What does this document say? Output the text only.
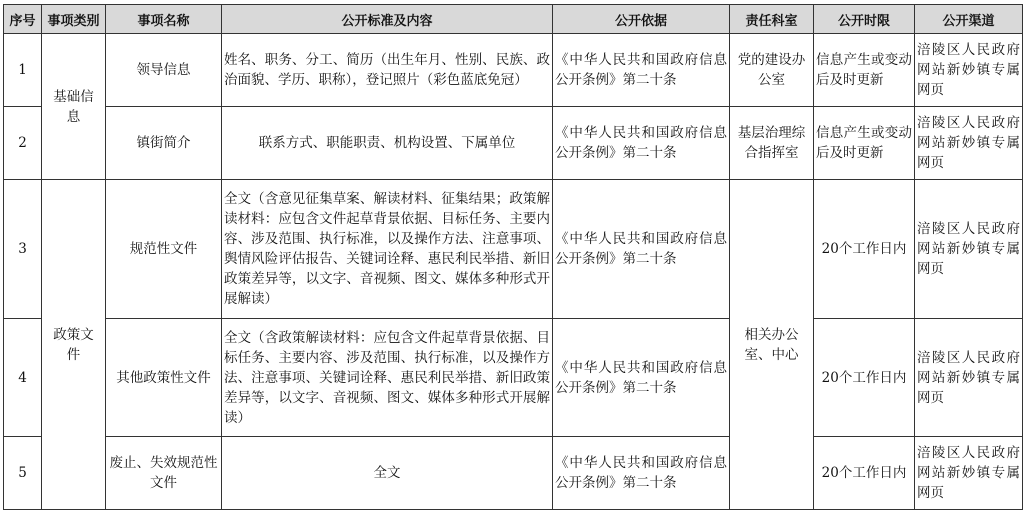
序号	事项类别	事项名称	公开标准及内容	公开依据	责任科室	公开时限	公开渠道
1	基础信息	领导信息	姓名、职务、分工、简历（出生年月、性别、民族、政治面貌、学历、职称），登记照片（彩色蓝底免冠）	《中华人民共和国政府信息公开条例》第二十条	党的建设办公室	信息产生或变动后及时更新	涪陵区人民政府网站新妙镇专属网页
2		镇街简介	联系方式、职能职责、机构设置、下属单位	《中华人民共和国政府信息公开条例》第二十条	基层治理综合指挥室	信息产生或变动后及时更新	涪陵区人民政府网站新妙镇专属网页
3	政策文件	规范性文件	全文（含意见征集草案、解读材料、征集结果；政策解读材料：应包含文件起草背景依据、目标任务、主要内容、涉及范围、执行标准，以及操作方法、注意事项、舆情风险评估报告、关键词诠释、惠民利民举措、新旧政策差异等，以文字、音视频、图文、媒体多种形式开展解读）	《中华人民共和国政府信息公开条例》第二十条	相关办公室、中心	20个工作日内	涪陵区人民政府网站新妙镇专属网页
4		其他政策性文件	全文（含政策解读材料：应包含文件起草背景依据、目标任务、主要内容、涉及范围、执行标准，以及操作方法、注意事项、关键词诠释、惠民利民举措、新旧政策差异等，以文字、音视频、图文、媒体多种形式开展解读）	《中华人民共和国政府信息公开条例》第二十条		20个工作日内	涪陵区人民政府网站新妙镇专属网页
5		废止、失效规范性文件	全文	《中华人民共和国政府信息公开条例》第二十条		20个工作日内	涪陵区人民政府网站新妙镇专属网页
